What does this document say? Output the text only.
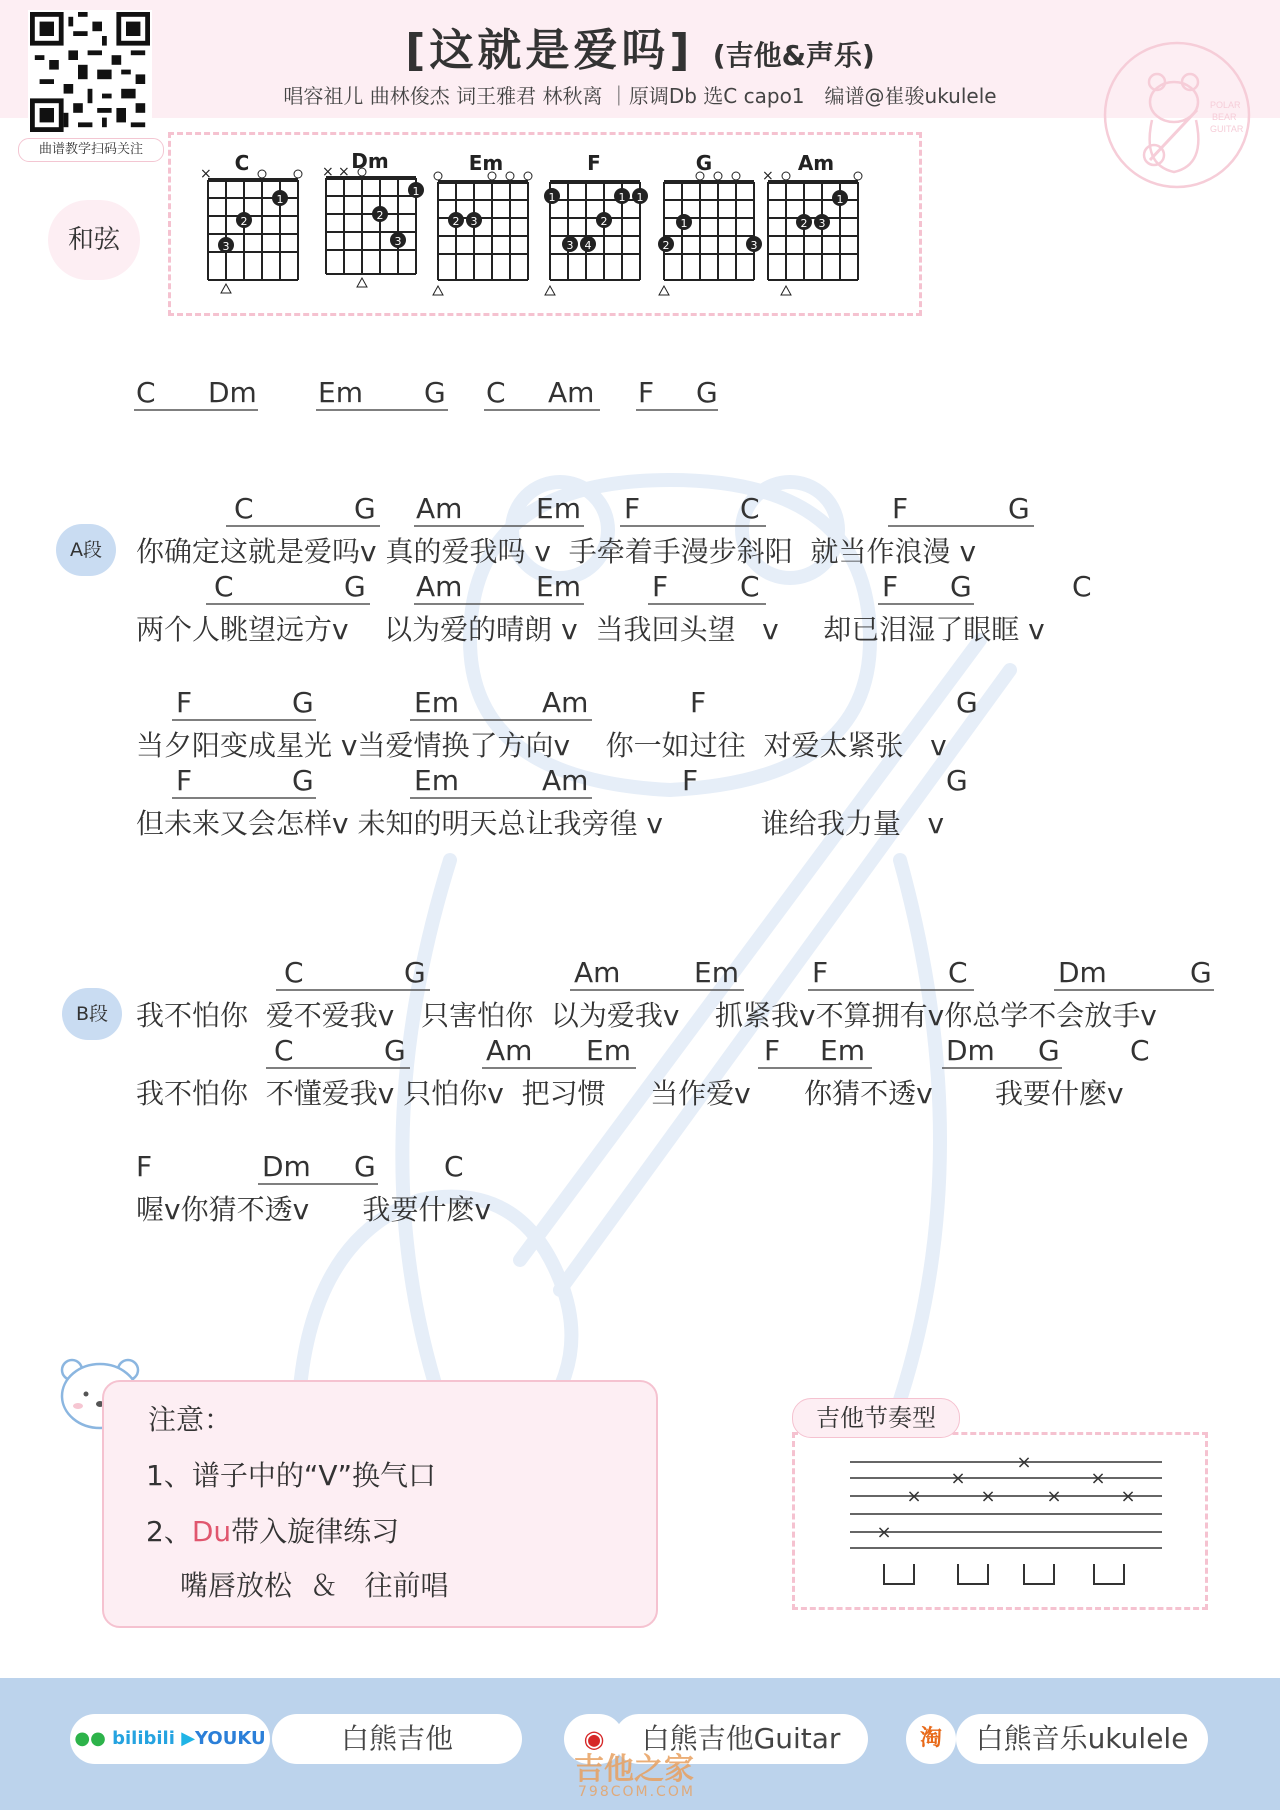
曲谱教学扫码关注
[这就是爱吗] (吉他&声乐)
唱容祖儿 曲林俊杰 词王雅君 林秋离 ｜原调Db 选C capo1　编谱@崔骏ukulele	POLAR
BEAR
GUITAR
和弦
C
×
1
2
3
Dm
× ×
1
2
3
Em
2 3
F
1	1 1
2
3 4
G
1
2	3
Am
×
1
2 3
C Dm Em G C Am F G
A段
C	G Am	Em F	C	F	G
你确定这就是爱吗v 真的爱我吗 v  手牵着手漫步斜阳  就当作浪漫 v
C	G Am	Em	F	C	F G	C
两个人眺望远方v    以为爱的晴朗 v  当我回头望   v     却已泪湿了眼眶 v
F	G	Em	Am	F	G
当夕阳变成星光 v当爱情换了方向v    你一如过往  对爱太紧张   v
F	G	Em	Am	F	G
但未来又会怎样v 未知的明天总让我旁徨 v           谁给我力量   v
B段
C	G	Am	Em	F	C	Dm	G
我不怕你  爱不爱我v   只害怕你  以为爱我v    抓紧我v不算拥有v你总学不会放手v
C	G	Am Em	F Em	Dm G	C
我不怕你  不懂爱我v 只怕你v  把习惯     当作爱v      你猜不透v       我要什麽v
F	Dm G C
喔v你猜不透v      我要什麽v
注意：
1、谱子中的“V”换气口
2、Du带入旋律练习
嘴唇放松  ＆   往前唱
吉他节奏型
×
×
×
×
×
×
×
×
●● bilibili ▶YOUKU	白熊吉他	◉	白熊吉他Guitar	淘	白熊音乐ukulele
吉他之家
798COM.COM
